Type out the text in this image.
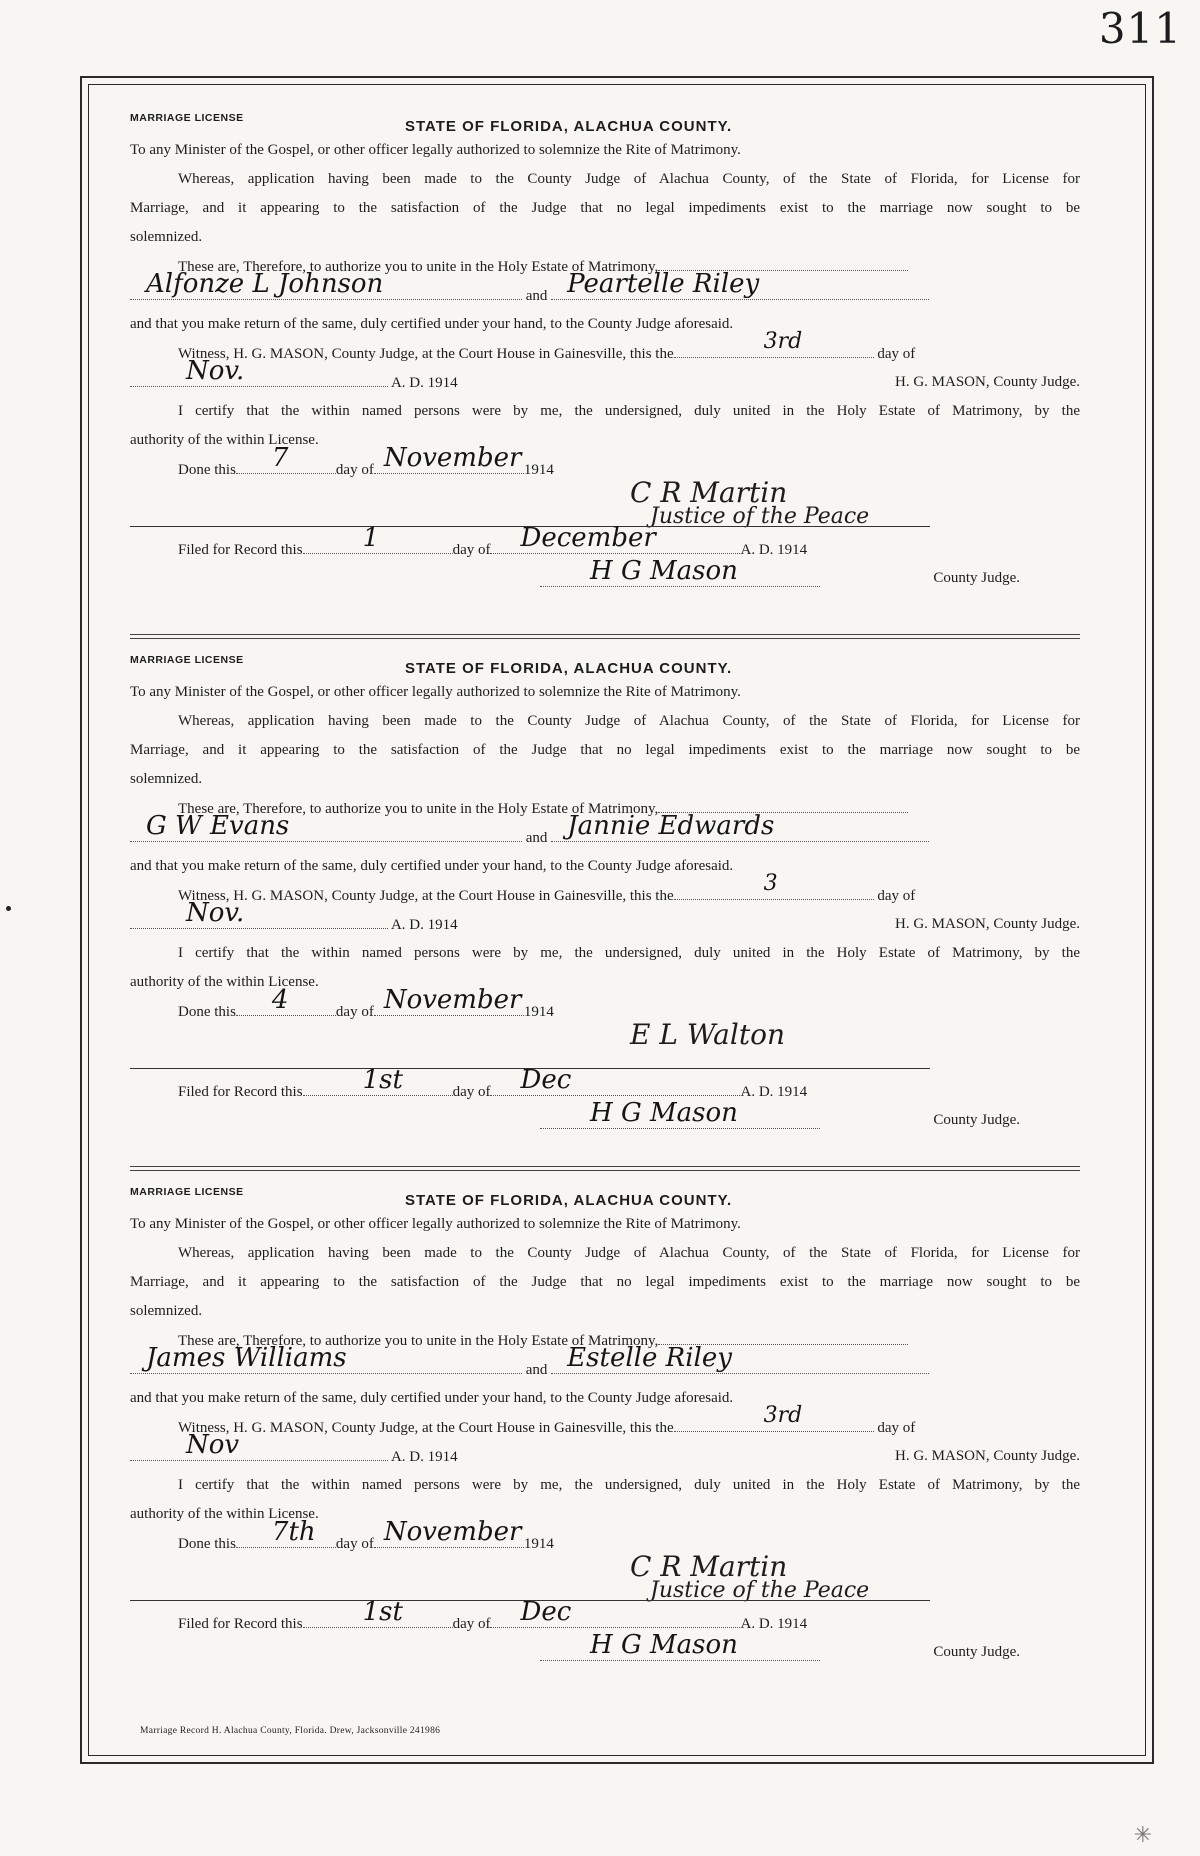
311
MARRIAGE LICENSE	STATE OF FLORIDA, ALACHUA COUNTY.
To any Minister of the Gospel, or other officer legally authorized to solemnize the Rite of Matrimony.
Whereas, application having been made to the County Judge of Alachua County, of the State of Florida, for License for
Marriage, and it appearing to the satisfaction of the Judge that no legal impediments exist to the marriage now sought to be
solemnized.
These are, Therefore, to authorize you to unite in the Holy Estate of Matrimony,
Alfonze L Johnson	and Peartelle Riley
and that you make return of the same, duly certified under your hand, to the County Judge aforesaid.
Witness, H. G. MASON, County Judge, at the Court House in Gainesville, this the	3rd	day of
Nov.	A. D. 1914	H. G. MASON, County Judge.
I certify that the within named persons were by me, the undersigned, duly united in the Holy Estate of Matrimony, by the
authority of the within License.
Done this 7	day of November 1914
C R Martin
Justice of the Peace
Filed for Record this 1	day of December	A. D. 1914
H G Mason	County Judge.
MARRIAGE LICENSE	STATE OF FLORIDA, ALACHUA COUNTY.
To any Minister of the Gospel, or other officer legally authorized to solemnize the Rite of Matrimony.
Whereas, application having been made to the County Judge of Alachua County, of the State of Florida, for License for
Marriage, and it appearing to the satisfaction of the Judge that no legal impediments exist to the marriage now sought to be
solemnized.
These are, Therefore, to authorize you to unite in the Holy Estate of Matrimony,
G W Evans	and Jannie Edwards
and that you make return of the same, duly certified under your hand, to the County Judge aforesaid.
Witness, H. G. MASON, County Judge, at the Court House in Gainesville, this the	3	day of
Nov.	A. D. 1914	H. G. MASON, County Judge.
I certify that the within named persons were by me, the undersigned, duly united in the Holy Estate of Matrimony, by the
authority of the within License.
Done this 4	day of November 1914
E L Walton
Filed for Record this 1st	day of Dec	A. D. 1914
H G Mason	County Judge.
MARRIAGE LICENSE	STATE OF FLORIDA, ALACHUA COUNTY.
To any Minister of the Gospel, or other officer legally authorized to solemnize the Rite of Matrimony.
Whereas, application having been made to the County Judge of Alachua County, of the State of Florida, for License for
Marriage, and it appearing to the satisfaction of the Judge that no legal impediments exist to the marriage now sought to be
solemnized.
These are, Therefore, to authorize you to unite in the Holy Estate of Matrimony,
James Williams	and Estelle Riley
and that you make return of the same, duly certified under your hand, to the County Judge aforesaid.
Witness, H. G. MASON, County Judge, at the Court House in Gainesville, this the	3rd	day of
Nov	A. D. 1914	H. G. MASON, County Judge.
I certify that the within named persons were by me, the undersigned, duly united in the Holy Estate of Matrimony, by the
authority of the within License.
Done this 7th day of November 1914
C R Martin
Justice of the Peace
Filed for Record this 1st	day of Dec	A. D. 1914
H G Mason	County Judge.
Marriage Record H. Alachua County, Florida. Drew, Jacksonville 241986
✳
